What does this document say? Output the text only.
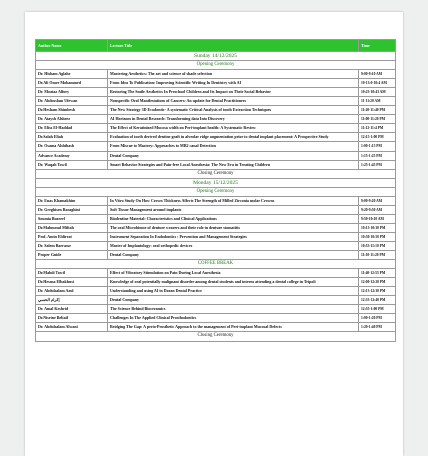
Author Name	Lecture Title	Time
Sunday 14/12/2025		
Opening Ceremony		
Dr. Hisham Aglahe	Mastering Aesthetics: The art and science of shade selection	9:00-9:10 AM
Dr.Ali Omer Mohammed	From Idea To Publication: Improving Scientific Writing In Dentistry with AI	10-13:0-10:4 AM
Dr. Moataz Alfoey	Restoring The Smile Aesthetics In Preschool Children and Its Impact on Their Social Behavior	10:23-10:43 AM
Dr. Abdusslam Ufewan	Nonspecific Oral Manifestations of Cancers: An update for Dental Practitioners	11-11:20 AM
Dr.Hesham Shimbesh	The New Strategy 3D Ecodontic- A systematic Critical Analysis of tooth Extraction Techniques	11:20-11:40 PM
Dr. Ataysh Alsheez	AI Horizons in Dental Research: Transforming data Into Discovery	11:00-11:20 PM
Dr. Eliss El-Haddad	The Effect of Keratinized Mucosa width on Peri-implant health: A Systematic Review	11:12-11:4 PM
Dr.Salah Eliah	Evaluation of tooth derived dentine graft in alveolar ridge augmentation prior to dental implant placement: A Prospective Study	12:15-1:00 PM
Dr. Osama Alshibash	From Miscue to Mastery: Approaches to MB2 canal Detection	1:00-1:15 PM
Advance Academy	Dental Company	1:15-1:25 PM
Dr. Waqah Towil	Smart Behavior Strategies and Pain-free Local Anesthesia: The New Era in Treating Children	1:25-1:45 PM
Closing Ceremony		
Monday 15/12/2025		
Opening Ceremony		
Dr. Enas Khamakhim	In Vitro Study On How Crown Thickness Affects The Strength of Milled Zirconia molar Crowns	9:00-9:20 AM
Dr. Greghisen Baraghini	Soft Tissue Management around implants	9:20-9:50 AM
Soumia Buzreel	Biodentine Material: Characteristics and Clinical Applications	9:50-10:10 AM
Dr.Mahmoud Miftah	The oral Microbiome of denture wearers and their role in denture stomatitis	10:13-10:30 PM
Prof. Amin Eldirrat	Instrument Separation In Endodontics : Prevention and Management Strategies	10:30-10:50 PM
Dr. Salem Barrasse	Master of Implantology: oral orthopedic devices	10:53-11:10 PM
Proper Guide	Dental Company	11:10-11:20 PM
COFFEE BREAK		
Dr.Mahdi Towil	Effect of Vibratory Stimulation on Pain During Local Anesthesia	11:40-12:55 PM
Dr.Hessna Elbakhusi	Knowledge of oral potentially malignant disorder among dental students and interns attending a dental college in Tripoli	12:00-12:20 PM
Dr. Abdulsalam Azul	Understanding and using AI in Daran Dental Practice	12:13-12:30 PM
إكرام الحسي	Dental Company	12:33-12:40 PM
Dr. Amal Keshrid	The Science Behind Bioceramics	12:55-1:00 PM
Dr.Nisrine Beltaif	Challenges In The Applied Clinical Prosthodontics	1:00-1:20 PM
Dr. Abdulsalam Alwani	Bridging The Gap: A perio-Prosthetic Approach to the management of Peri-implant Mucosal Defects	1:20-1:40 PM
Closing Ceremony		
